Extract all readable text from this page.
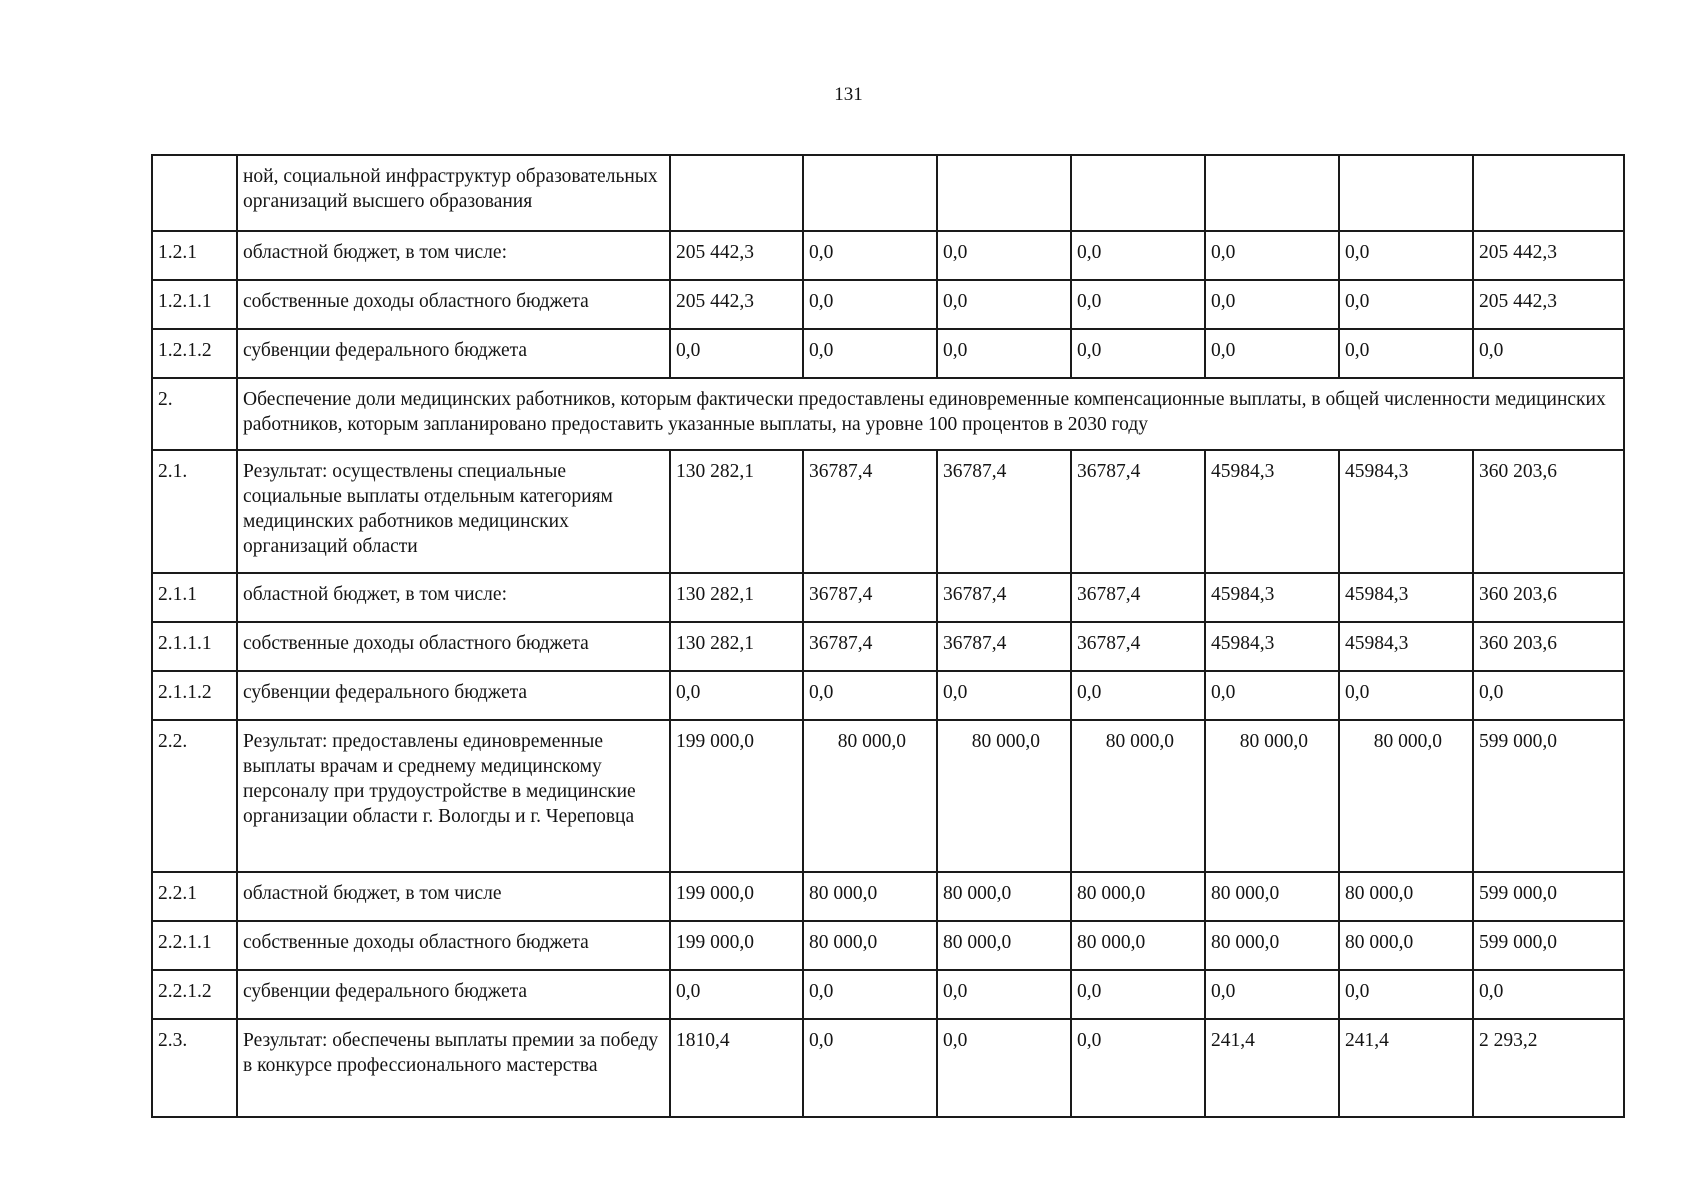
131
	ной, социальной инфраструктур образовательных организаций высшего образования							
1.2.1	областной бюджет, в том числе:	205 442,3	0,0	0,0	0,0	0,0	0,0	205 442,3
1.2.1.1	собственные доходы областного бюджета	205 442,3	0,0	0,0	0,0	0,0	0,0	205 442,3
1.2.1.2	субвенции федерального бюджета	0,0	0,0	0,0	0,0	0,0	0,0	0,0
2.	Обеспечение доли медицинских работников, которым фактически предоставлены единовременные компенсационные выплаты, в общей численности медицинских работников, которым запланировано предоставить указанные выплаты, на уровне 100 процентов в 2030 году							
2.1.	Результат: осуществлены специальные социальные выплаты отдельным категориям медицинских работников медицинских организаций области	130 282,1	36787,4	36787,4	36787,4	45984,3	45984,3	360 203,6
2.1.1	областной бюджет, в том числе:	130 282,1	36787,4	36787,4	36787,4	45984,3	45984,3	360 203,6
2.1.1.1	собственные доходы областного бюджета	130 282,1	36787,4	36787,4	36787,4	45984,3	45984,3	360 203,6
2.1.1.2	субвенции федерального бюджета	0,0	0,0	0,0	0,0	0,0	0,0	0,0
2.2.	Результат: предоставлены единовременные выплаты врачам и среднему медицинскому персоналу при трудоустройстве в медицинские организации области г. Вологды и г. Череповца	199 000,0	80 000,0	80 000,0	80 000,0	80 000,0	80 000,0	599 000,0
2.2.1	областной бюджет, в том числе	199 000,0	80 000,0	80 000,0	80 000,0	80 000,0	80 000,0	599 000,0
2.2.1.1	собственные доходы областного бюджета	199 000,0	80 000,0	80 000,0	80 000,0	80 000,0	80 000,0	599 000,0
2.2.1.2	субвенции федерального бюджета	0,0	0,0	0,0	0,0	0,0	0,0	0,0
2.3.	Результат: обеспечены выплаты премии за победу в конкурсе профессионального мастерства	1810,4	0,0	0,0	0,0	241,4	241,4	2 293,2
